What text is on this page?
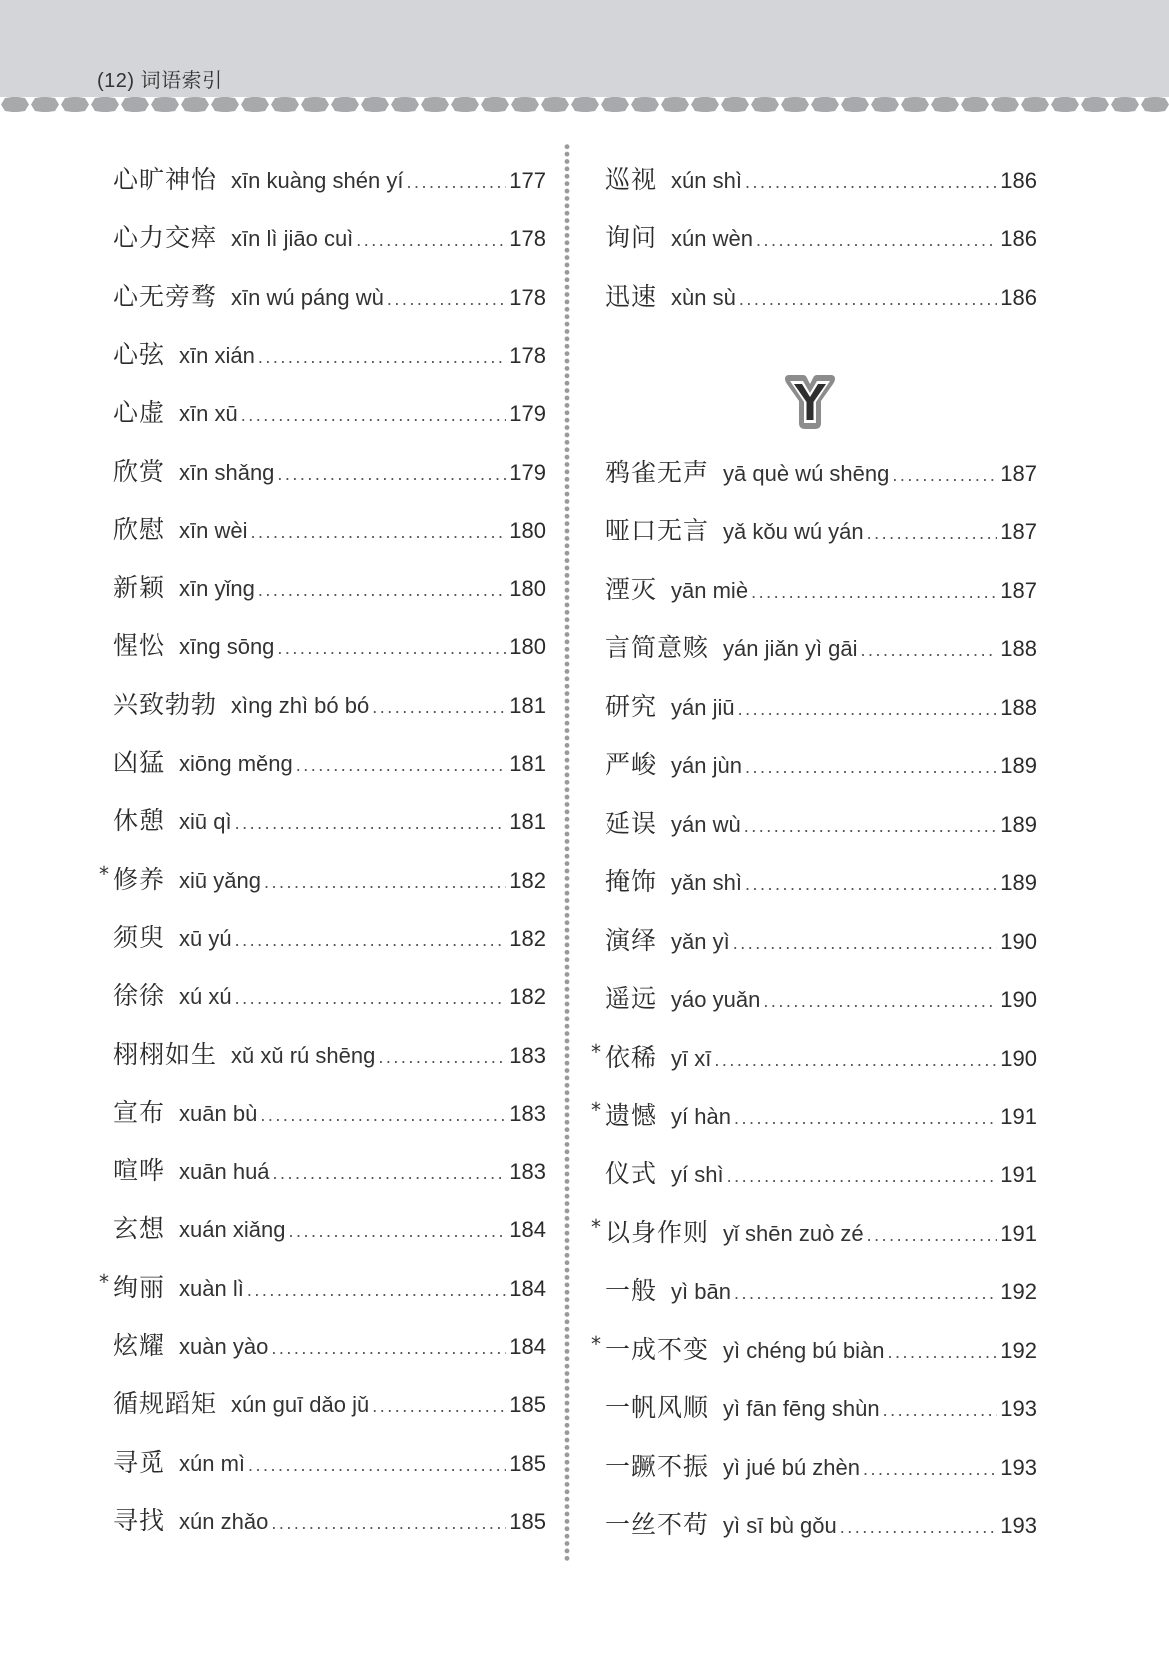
(12) 词语索引
心旷神怡 xīn kuàng shén yí .....	177
心力交瘁 xīn lì jiāo cuì .....	178
心无旁骛 xīn wú páng wù .....	178
心弦 xīn xián .....	178
心虚 xīn xū .....	179
欣赏 xīn shǎng .....	179
欣慰 xīn wèi .....	180
新颖 xīn yǐng .....	180
惺忪 xīng sōng .....	180
兴致勃勃 xìng zhì bó bó .....	181
凶猛 xiōng měng .....	181
休憩 xiū qì .....	181
* 修养 xiū yǎng .....	182
须臾 xū yú .....	182
徐徐 xú xú .....	182
栩栩如生 xǔ xǔ rú shēng .....	183
宣布 xuān bù .....	183
喧哗 xuān huá .....	183
玄想 xuán xiǎng .....	184
* 绚丽 xuàn lì .....	184
炫耀 xuàn yào .....	184
循规蹈矩 xún guī dǎo jǔ .....	185
寻觅 xún mì .....	185
寻找 xún zhǎo .....	185
巡视 xún shì .....	186
询问 xún wèn .....	186
迅速 xùn sù .....	186
鸦雀无声 yā què wú shēng .....	187
哑口无言 yǎ kǒu wú yán .....	187
湮灭 yān miè .....	187
言简意赅 yán jiǎn yì gāi .....	188
研究 yán jiū .....	188
严峻 yán jùn .....	189
延误 yán wù .....	189
掩饰 yǎn shì .....	189
演绎 yǎn yì .....	190
遥远 yáo yuǎn .....	190
* 依稀 yī xī .....	190
* 遗憾 yí hàn .....	191
仪式 yí shì .....	191
* 以身作则 yǐ shēn zuò zé .....	191
一般 yì bān .....	192
* 一成不变 yì chéng bú biàn .....	192
一帆风顺 yì fān fēng shùn .....	193
一蹶不振 yì jué bú zhèn .....	193
一丝不苟 yì sī bù gǒu .....	193
